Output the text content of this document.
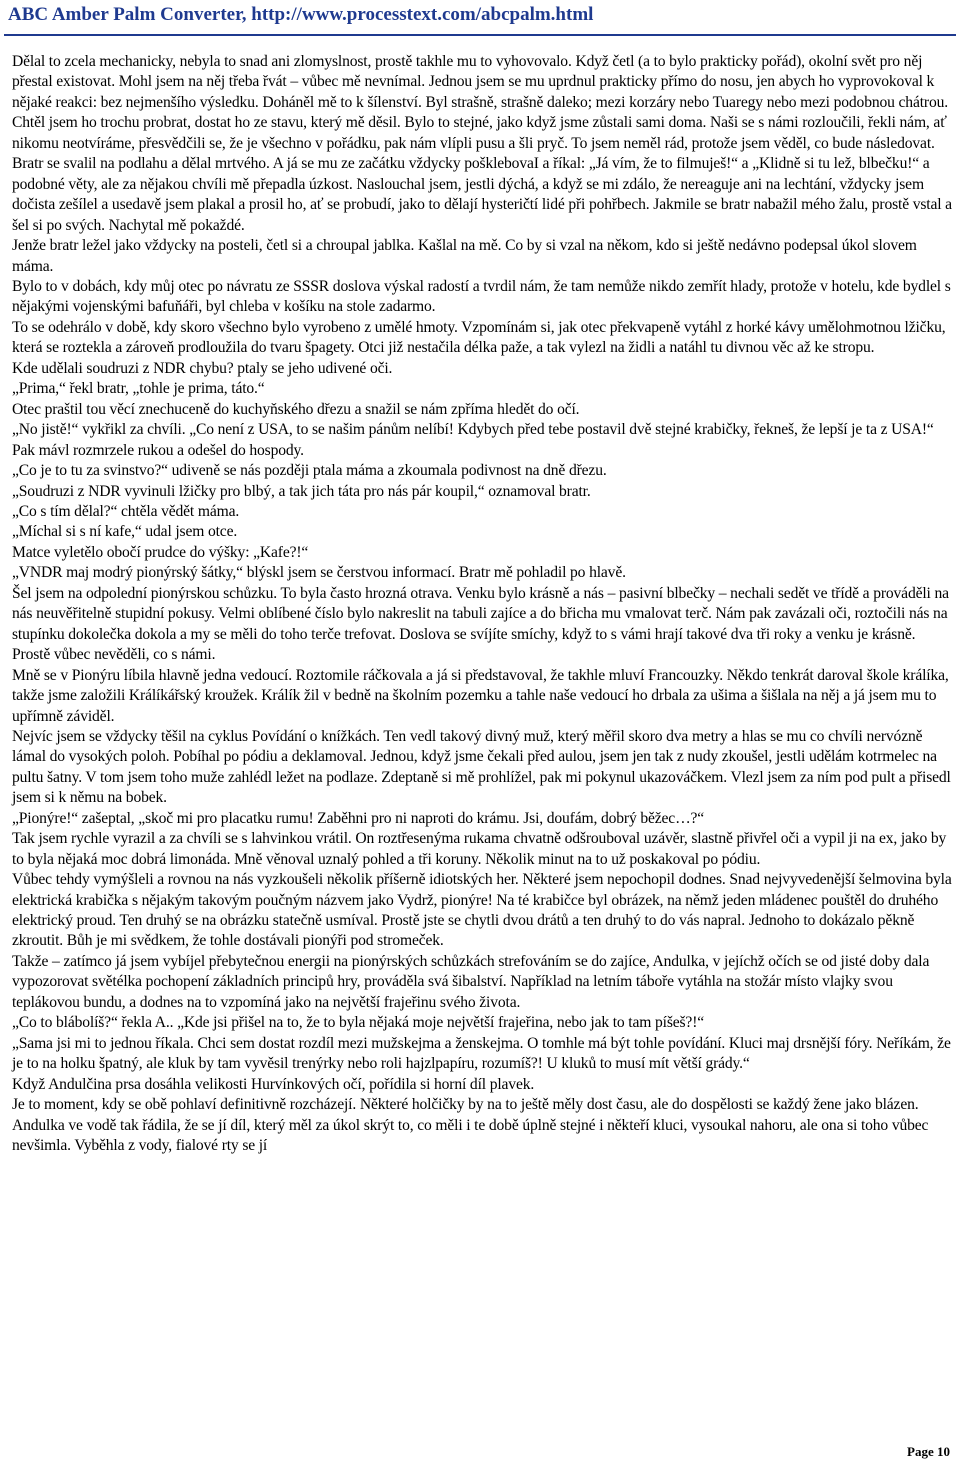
ABC Amber Palm Converter, http://www.processtext.com/abcpalm.html

Dělal to zcela mechanicky, nebyla to snad ani zlomyslnost, prostě takhle mu to vyhovovalo. Když četl (a to bylo prakticky pořád), okolní svět pro něj přestal existovat. Mohl jsem na něj třeba řvát – vůbec mě nevnímal. Jednou jsem se mu uprdnul prakticky přímo do nosu, jen abych ho vyprovokoval k nějaké reakci: bez nejmenšího výsledku. Doháněl mě to k šílenství. Byl strašně, strašně daleko; mezi korzáry nebo Tuaregy nebo mezi podobnou chátrou.

Chtěl jsem ho trochu probrat, dostat ho ze stavu, který mě děsil. Bylo to stejné, jako když jsme zůstali sami doma. Naši se s námi rozloučili, řekli nám, ať nikomu neotvíráme, přesvědčili se, že je všechno v pořádku, pak nám vlípli pusu a šli pryč. To jsem neměl rád, protože jsem věděl, co bude následovat.

Bratr se svalil na podlahu a dělal mrtvého. A já se mu ze začátku vždycky pošklebovaI a říkal: „Já vím, že to filmuješ!“ a „Klidně si tu lež, blbečku!“ a podobné věty, ale za nějakou chvíli mě přepadla úzkost. Naslouchal jsem, jestli dýchá, a když se mi zdálo, že nereaguje ani na lechtání, vždycky jsem dočista zešílel a usedavě jsem plakal a prosil ho, ať se probudí, jako to dělají hysteričtí lidé při pohřbech. Jakmile se bratr nabažil mého žalu, prostě vstal a šel si po svých. Nachytal mě pokaždé.

Jenže bratr ležel jako vždycky na posteli, četl si a chroupal jablka. Kašlal na mě. Co by si vzal na někom, kdo si ještě nedávno podepsal úkol slovem máma.

Bylo to v dobách, kdy můj otec po návratu ze SSSR doslova výskal radostí a tvrdil nám, že tam nemůže nikdo zemřít hlady, protože v hotelu, kde bydlel s nějakými vojenskými bafuňáři, byl chleba v košíku na stole zadarmo.

To se odehrálo v době, kdy skoro všechno bylo vyrobeno z umělé hmoty. Vzpomínám si, jak otec překvapeně vytáhl z horké kávy umělohmotnou lžičku, která se roztekla a zároveň prodloužila do tvaru špagety. Otci již nestačila délka paže, a tak vylezl na židli a natáhl tu divnou věc až ke stropu.

Kde udělali soudruzi z NDR chybu? ptaly se jeho udivené oči.

„Prima,“ řekl bratr, „tohle je prima, táto.“

Otec praštil tou věcí znechuceně do kuchyňského dřezu a snažil se nám zpříma hledět do očí.

„No jistě!“ vykřikl za chvíli. „Co není z USA, to se našim pánům nelíbí! Kdybych před tebe postavil dvě stejné krabičky, řekneš, že lepší je ta z USA!“ Pak mávl rozmrzele rukou a odešel do hospody.

„Co je to tu za svinstvo?“ udiveně se nás později ptala máma a zkoumala podivnost na dně dřezu.

„Soudruzi z NDR vyvinuli lžičky pro blbý, a tak jich táta pro nás pár koupil,“ oznamoval bratr.

„Co s tím dělal?“ chtěla vědět máma.

„Míchal si s ní kafe,“ udal jsem otce.

Matce vyletělo obočí prudce do výšky: „Kafe?!“

„VNDR maj modrý pionýrský šátky,“ blýskl jsem se čerstvou informací. Bratr mě pohladil po hlavě.

Šel jsem na odpolední pionýrskou schůzku. To byla často hrozná otrava. Venku bylo krásně a nás – pasivní blbečky – nechali sedět ve třídě a prováděli na nás neuvěřitelně stupidní pokusy. Velmi oblíbené číslo bylo nakreslit na tabuli zajíce a do břicha mu vmalovat terč. Nám pak zavázali oči, roztočili nás na stupínku dokolečka dokola a my se měli do toho terče trefovat. Doslova se svíjíte smíchy, když to s vámi hrají takové dva tři roky a venku je krásně. Prostě vůbec nevěděli, co s námi.

Mně se v Pionýru líbila hlavně jedna vedoucí. Roztomile ráčkovala a já si představoval, že takhle mluví Francouzky. Někdo tenkrát daroval škole králíka, takže jsme založili Králíkářský kroužek. Králík žil v bedně na školním pozemku a tahle naše vedoucí ho drbala za ušima a šišlala na něj a já jsem mu to upřímně záviděl.

Nejvíc jsem se vždycky těšil na cyklus Povídání o knížkách. Ten vedl takový divný muž, který měřil skoro dva metry a hlas se mu co chvíli nervózně lámal do vysokých poloh. Pobíhal po pódiu a deklamoval. Jednou, když jsme čekali před aulou, jsem jen tak z nudy zkoušel, jestli udělám kotrmelec na pultu šatny. V tom jsem toho muže zahlédl ležet na podlaze. Zdeptaně si mě prohlížel, pak mi pokynul ukazováčkem. Vlezl jsem za ním pod pult a přisedl jsem si k němu na bobek.

„Pionýre!“ zašeptal, „skoč mi pro placatku rumu! Zaběhni pro ni naproti do krámu. Jsi, doufám, dobrý běžec…?“

Tak jsem rychle vyrazil a za chvíli se s lahvinkou vrátil. On roztřesenýma rukama chvatně odšrouboval uzávěr, slastně přivřel oči a vypil ji na ex, jako by to byla nějaká moc dobrá limonáda. Mně věnoval uznalý pohled a tři koruny. Několik minut na to už poskakoval po pódiu.

Vůbec tehdy vymýšleli a rovnou na nás vyzkoušeli několik příšerně idiotských her. Některé jsem nepochopil dodnes. Snad nejvyvedenější šelmovina byla elektrická krabička s nějakým takovým poučným názvem jako Vydrž, pionýre! Na té krabičce byl obrázek, na němž jeden mládenec pouštěl do druhého elektrický proud. Ten druhý se na obrázku statečně usmíval. Prostě jste se chytli dvou drátů a ten druhý to do vás napral. Jednoho to dokázalo pěkně zkroutit. Bůh je mi svědkem, že tohle dostávali pionýři pod stromeček.

Takže – zatímco já jsem vybíjel přebytečnou energii na pionýrských schůzkách strefováním se do zajíce, Andulka, v jejíchž očích se od jisté doby dala vypozorovat světélka pochopení základních principů hry, prováděla svá šibalství. Například na letním táboře vytáhla na stožár místo vlajky svou teplákovou bundu, a dodnes na to vzpomíná jako na největší frajeřinu svého života.

„Co to blábolíš?“ řekla A.. „Kde jsi přišel na to, že to byla nějaká moje největší frajeřina, nebo jak to tam píšeš?!“

„Sama jsi mi to jednou říkala. Chci sem dostat rozdíl mezi mužskejma a ženskejma. O tomhle má být tohle povídání. Kluci maj drsnější fóry. Neříkám, že je to na holku špatný, ale kluk by tam vyvěsil trenýrky nebo roli hajzlpapíru, rozumíš?! U kluků to musí mít větší grády.“

Když Andulčina prsa dosáhla velikosti Hurvínkových očí, pořídila si horní díl plavek.

Je to moment, kdy se obě pohlaví definitivně rozcházejí. Některé holčičky by na to ještě měly dost času, ale do dospělosti se každý žene jako blázen. Andulka ve vodě tak řádila, že se jí díl, který měl za úkol skrýt to, co měli i te době úplně stejné i někteří kluci, vysoukal nahoru, ale ona si toho vůbec nevšimla. Vyběhla z vody, fialové rty se jí

Page 10
